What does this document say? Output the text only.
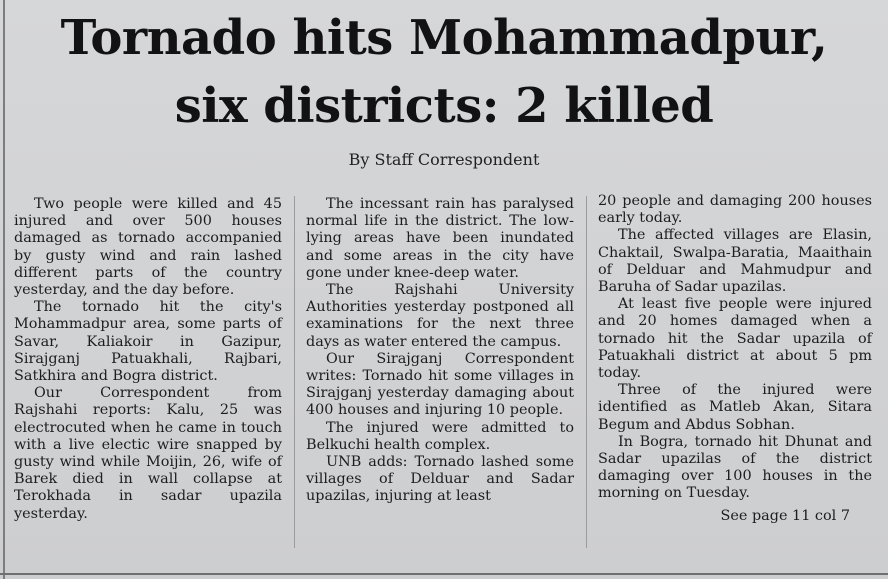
Tornado hits Mohammadpur,
six districts: 2 killed
By Staff Correspondent

Two people were killed and 45 injured and over 500 houses damaged as tornado accompanied by gusty wind and rain lashed different parts of the country yesterday, and the day before.

The tornado hit the city's Mohammadpur area, some parts of Savar, Kaliakoir in Gazipur, Sirajganj Patuakhali, Rajbari, Satkhira and Bogra district.

Our Correspondent from Rajshahi reports: Kalu, 25 was electrocuted when he came in touch with a live electic wire snapped by gusty wind while Moijin, 26, wife of Barek died in wall collapse at Terokhada in sadar upazila yesterday.

The incessant rain has paralysed normal life in the district. The low-lying areas have been inundated and some areas in the city have gone under knee-deep water.

The Rajshahi University Authorities yesterday postponed all examinations for the next three days as water entered the campus.

Our Sirajganj Correspondent writes: Tornado hit some villages in Sirajganj yesterday damaging about 400 houses and injuring 10 people.

The injured were admitted to Belkuchi health complex.

UNB adds: Tornado lashed some villages of Delduar and Sadar upazilas, injuring at least

20 people and damaging 200 houses early today.

The affected villages are Elasin, Chaktail, Swalpa-Baratia, Maaithain of Delduar and Mahmudpur and Baruha of Sadar upazilas.

At least five people were injured and 20 homes damaged when a tornado hit the Sadar upazila of Patuakhali district at about 5 pm today.

Three of the injured were identified as Matleb Akan, Sitara Begum and Abdus Sobhan.

In Bogra, tornado hit Dhunat and Sadar upazilas of the district damaging over 100 houses in the morning on Tuesday.

See page 11 col 7
